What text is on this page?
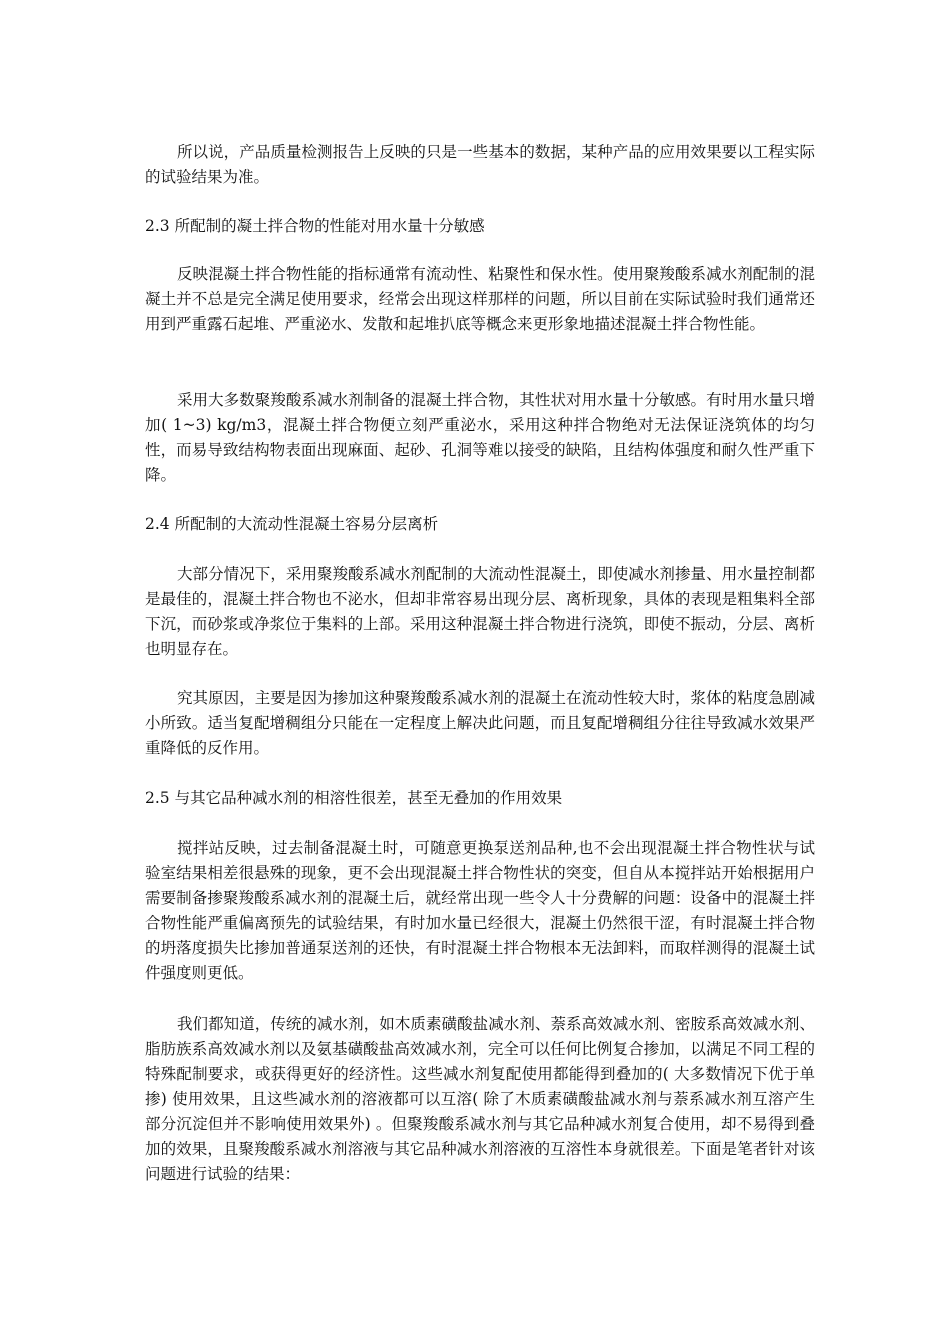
所以说，产品质量检测报告上反映的只是一些基本的数据，某种产品的应用效果要以工程实际的试验结果为准。

2.3 所配制的凝土拌合物的性能对用水量十分敏感

反映混凝土拌合物性能的指标通常有流动性、粘聚性和保水性。使用聚羧酸系减水剂配制的混凝土并不总是完全满足使用要求，经常会出现这样那样的问题，所以目前在实际试验时我们通常还用到严重露石起堆、严重泌水、发散和起堆扒底等概念来更形象地描述混凝土拌合物性能。

采用大多数聚羧酸系减水剂制备的混凝土拌合物，其性状对用水量十分敏感。有时用水量只增加( 1~3) kg/m3，混凝土拌合物便立刻严重泌水，采用这种拌合物绝对无法保证浇筑体的均匀性，而易导致结构物表面出现麻面、起砂、孔洞等难以接受的缺陷，且结构体强度和耐久性严重下降。

2.4 所配制的大流动性混凝土容易分层离析

大部分情况下，采用聚羧酸系减水剂配制的大流动性混凝土，即使减水剂掺量、用水量控制都是最佳的，混凝土拌合物也不泌水，但却非常容易出现分层、离析现象，具体的表现是粗集料全部下沉，而砂浆或净浆位于集料的上部。采用这种混凝土拌合物进行浇筑，即使不振动，分层、离析也明显存在。

究其原因，主要是因为掺加这种聚羧酸系减水剂的混凝土在流动性较大时，浆体的粘度急剧减小所致。适当复配增稠组分只能在一定程度上解决此问题，而且复配增稠组分往往导致减水效果严重降低的反作用。

2.5 与其它品种减水剂的相溶性很差，甚至无叠加的作用效果

搅拌站反映，过去制备混凝土时，可随意更换泵送剂品种,也不会出现混凝土拌合物性状与试验室结果相差很悬殊的现象，更不会出现混凝土拌合物性状的突变，但自从本搅拌站开始根据用户需要制备掺聚羧酸系减水剂的混凝土后，就经常出现一些令人十分费解的问题：设备中的混凝土拌合物性能严重偏离预先的试验结果，有时加水量已经很大，混凝土仍然很干涩，有时混凝土拌合物的坍落度损失比掺加普通泵送剂的还快，有时混凝土拌合物根本无法卸料，而取样测得的混凝土试件强度则更低。

我们都知道，传统的减水剂，如木质素磺酸盐减水剂、萘系高效减水剂、密胺系高效减水剂、脂肪族系高效减水剂以及氨基磺酸盐高效减水剂，完全可以任何比例复合掺加，以满足不同工程的特殊配制要求，或获得更好的经济性。这些减水剂复配使用都能得到叠加的( 大多数情况下优于单掺) 使用效果，且这些减水剂的溶液都可以互溶( 除了木质素磺酸盐减水剂与萘系减水剂互溶产生部分沉淀但并不影响使用效果外) 。但聚羧酸系减水剂与其它品种减水剂复合使用，却不易得到叠加的效果，且聚羧酸系减水剂溶液与其它品种减水剂溶液的互溶性本身就很差。下面是笔者针对该问题进行试验的结果：
